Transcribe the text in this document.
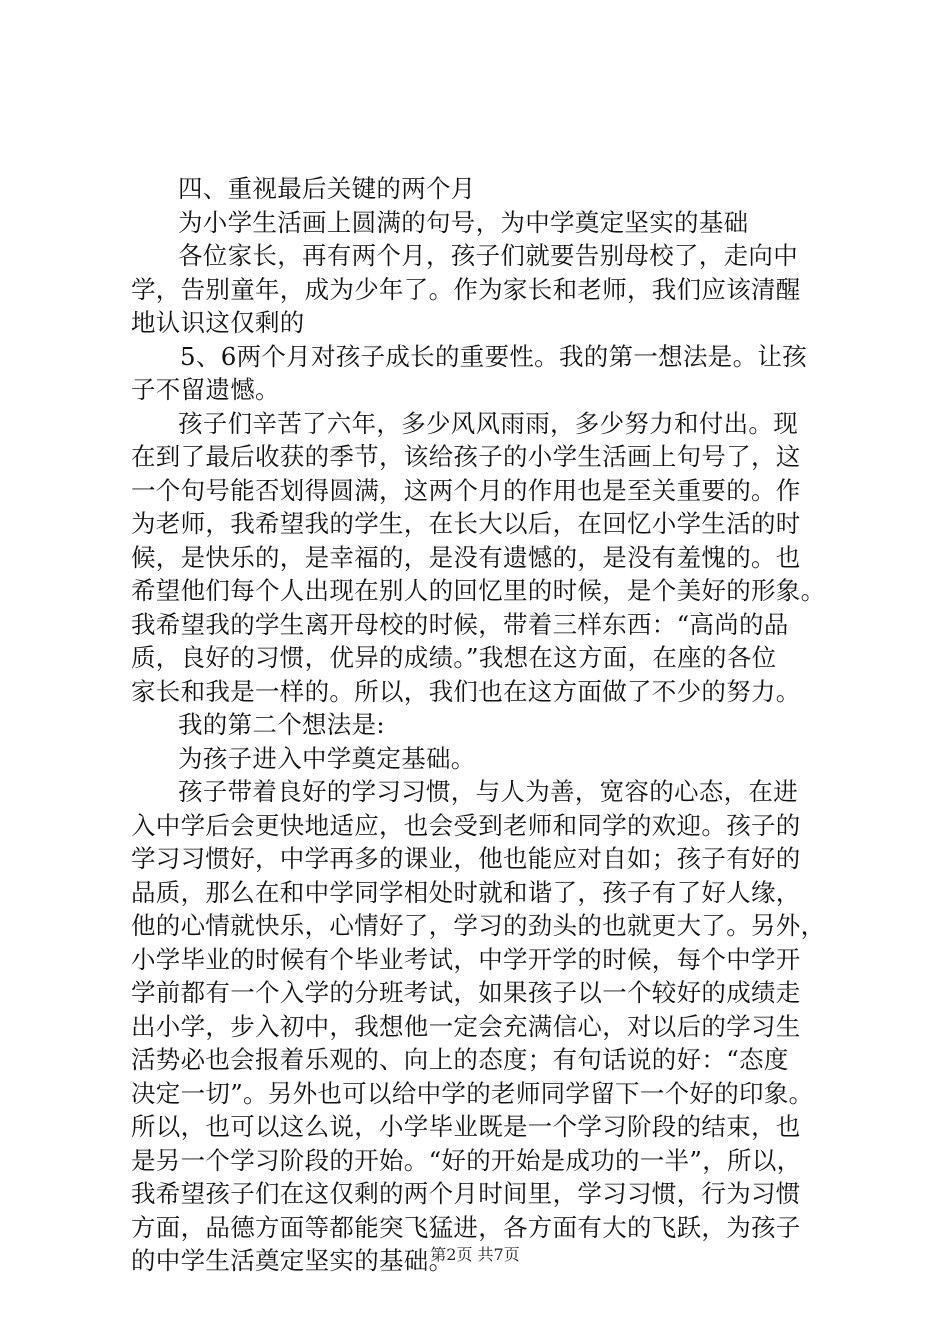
四、重视最后关键的两个月
为小学生活画上圆满的句号，为中学奠定坚实的基础
各位家长，再有两个月，孩子们就要告别母校了，走向中
学，告别童年，成为少年了。作为家长和老师，我们应该清醒
地认识这仅剩的
5、6两个月对孩子成长的重要性。我的第一想法是。让孩
子不留遗憾。
孩子们辛苦了六年，多少风风雨雨，多少努力和付出。现
在到了最后收获的季节，该给孩子的小学生活画上句号了，这
一个句号能否划得圆满，这两个月的作用也是至关重要的。作
为老师，我希望我的学生，在长大以后，在回忆小学生活的时
候，是快乐的，是幸福的，是没有遗憾的，是没有羞愧的。也
希望他们每个人出现在别人的回忆里的时候，是个美好的形象。
我希望我的学生离开母校的时候，带着三样东西：“高尚的品
质，良好的习惯，优异的成绩。”我想在这方面，在座的各位
家长和我是一样的。所以，我们也在这方面做了不少的努力。
我的第二个想法是:
为孩子进入中学奠定基础。
孩子带着良好的学习习惯，与人为善，宽容的心态，在进
入中学后会更快地适应，也会受到老师和同学的欢迎。孩子的
学习习惯好，中学再多的课业，他也能应对自如；孩子有好的
品质，那么在和中学同学相处时就和谐了，孩子有了好人缘，
他的心情就快乐，心情好了，学习的劲头的也就更大了。另外，
小学毕业的时候有个毕业考试，中学开学的时候，每个中学开
学前都有一个入学的分班考试，如果孩子以一个较好的成绩走
出小学，步入初中，我想他一定会充满信心，对以后的学习生
活势必也会报着乐观的、向上的态度；有句话说的好：“态度
决定一切”。另外也可以给中学的老师同学留下一个好的印象。
所以，也可以这么说，小学毕业既是一个学习阶段的结束，也
是另一个学习阶段的开始。“好的开始是成功的一半”，所以，
我希望孩子们在这仅剩的两个月时间里，学习习惯，行为习惯
方面，品德方面等都能突飞猛进，各方面有大的飞跃，为孩子
的中学生活奠定坚实的基础。
第2页 共7页
